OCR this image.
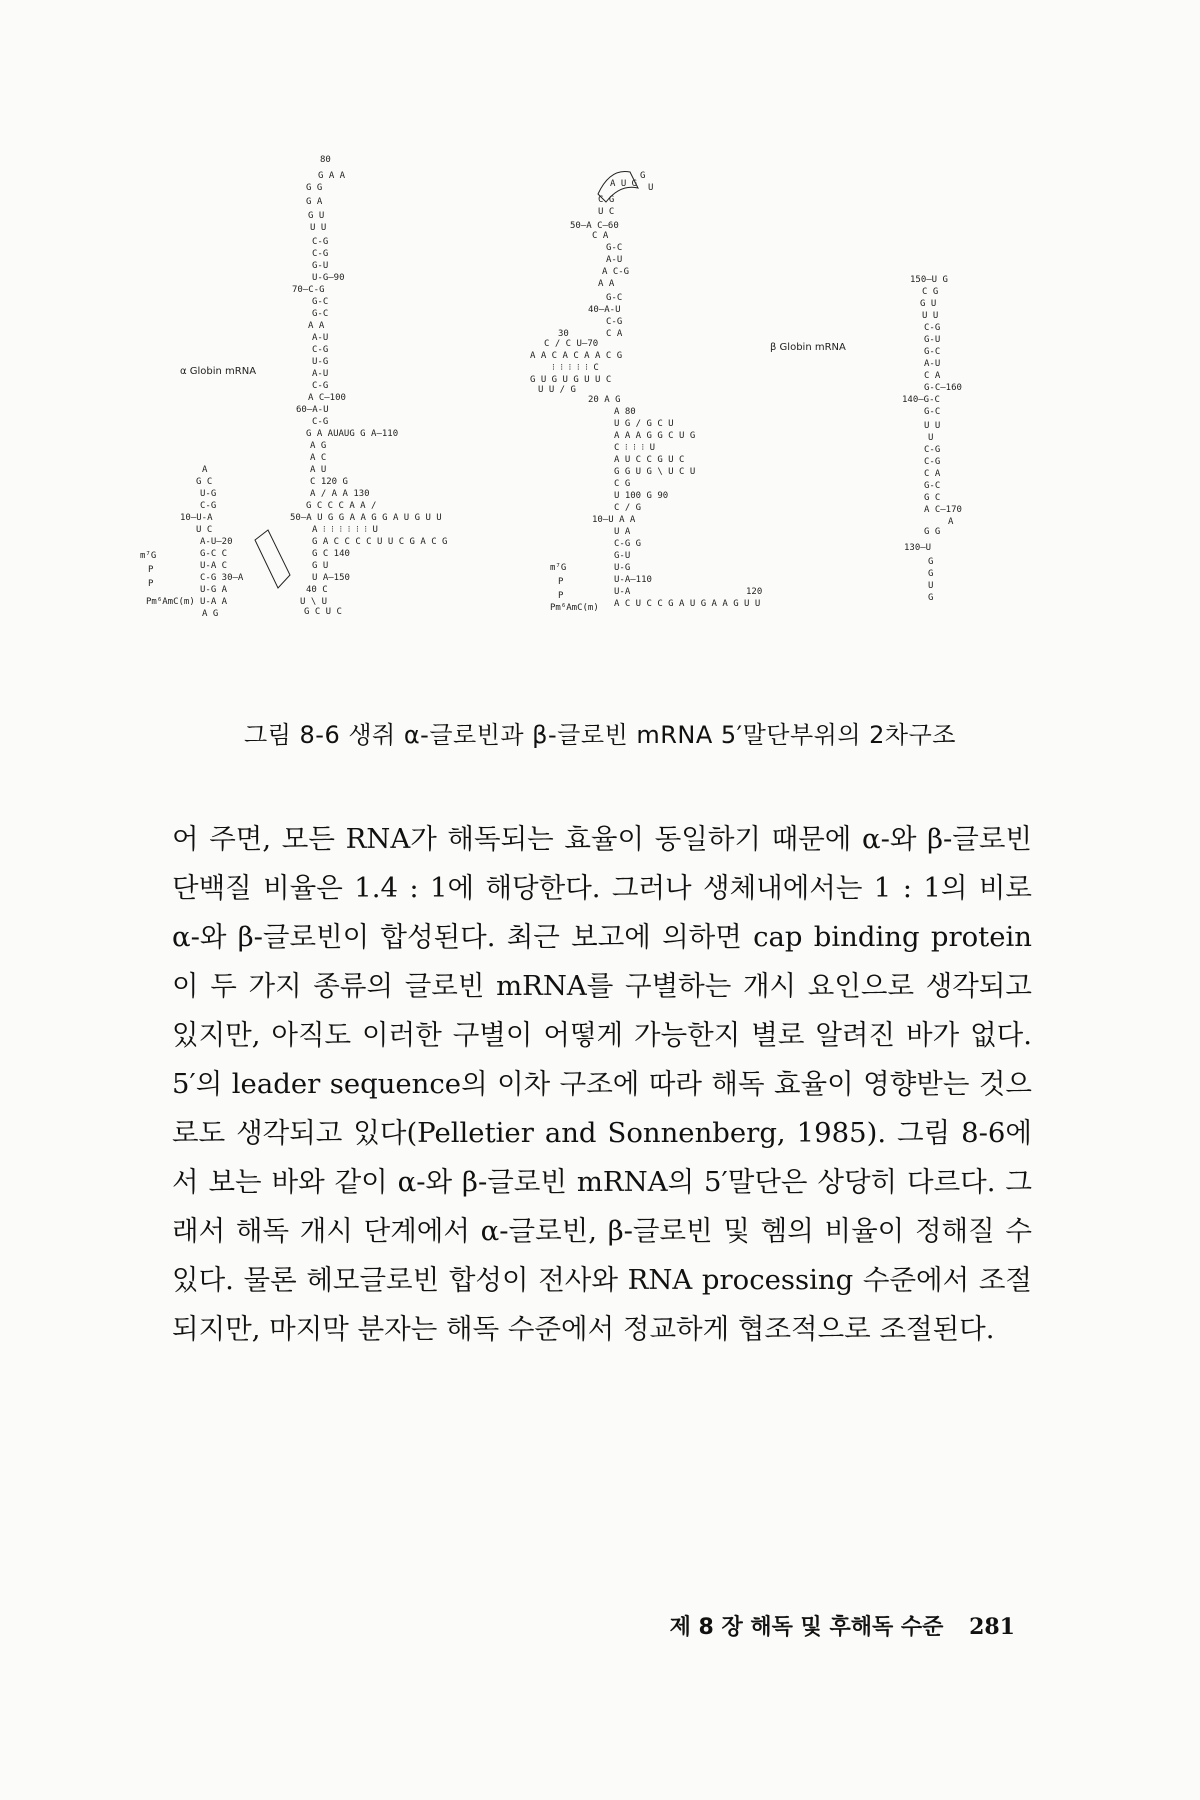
80
G A A
G G
G A
G U
U U
C-G
C-G
G-U
U-G—90
70—C-G
G-C
G-C
A A
A-U
C-G
U-G
A-U
C-G
A C—100
60—A-U
C-G
G A AUAUG G A—110
A G
A C
A U
C 120 G
A / A A 130
G C C C A A /
50—A U G G A A G G A U G U U
A ⁝ ⁝ ⁝ ⁝ ⁝ ⁝ U
G A C C C C U U C G A C G
G C 140
G U
U A—150
40 C
U \ U
G C U C
A
G C
U-G
C-G
10—U-A
U C
A-U—20
G-C C
U-A C
C-G 30—A
U-G A
U-A A
A G
α Globin mRNA
m⁷G
P
P
Pm⁶AmC(m)
A U G
G
U
C G
U C
50—A C—60
C A
G-C
A-U
A C-G
A A
G-C
40—A-U
C-G
C A
30
C / C U—70
A A C A C A A C G
⁝ ⁝ ⁝ ⁝ ⁝ C
G U G U G U U C
U U / G
20 A G
A 80
U G / G C U
A A A G G C U G
C ⁝ ⁝ ⁝ U
A U C C G U C
G G U G \ U C U
C G
U 100 G 90
C / G
10—U A A
U A
C-G G
G-U
U-G
U-A—110
U-A
A C U C C G A U G A A G U U
120
150—U G
C G
G U
U U
C-G
G-U
G-C
A-U
C A
G-C—160
140—G-C
G-C
U U
U
C-G
C-G
C A
G-C
G C
A C—170
A
G G
130—U
G
G
U
G
β Globin mRNA
m⁷G
P
P
Pm⁶AmC(m)
그림 8-6 생쥐 α-글로빈과 β-글로빈 mRNA 5′말단부위의 2차구조

어 주면, 모든 RNA가 해독되는 효율이 동일하기 때문에 α-와 β-글로빈 단백질 비율은 1.4 : 1에 해당한다. 그러나 생체내에서는 1 : 1의 비로 α-와 β-글로빈이 합성된다. 최근 보고에 의하면 cap binding protein이 두 가지 종류의 글로빈 mRNA를 구별하는 개시 요인으로 생각되고 있지만, 아직도 이러한 구별이 어떻게 가능한지 별로 알려진 바가 없다. 5′의 leader sequence의 이차 구조에 따라 해독 효율이 영향받는 것으로도 생각되고 있다(Pelletier and Sonnenberg, 1985). 그림 8-6에서 보는 바와 같이 α-와 β-글로빈 mRNA의 5′말단은 상당히 다르다. 그래서 해독 개시 단계에서 α-글로빈, β-글로빈 및 헴의 비율이 정해질 수 있다. 물론 헤모글로빈 합성이 전사와 RNA processing 수준에서 조절되지만, 마지막 분자는 해독 수준에서 정교하게 협조적으로 조절된다.

제 8 장 해독 및 후해독 수준 281
